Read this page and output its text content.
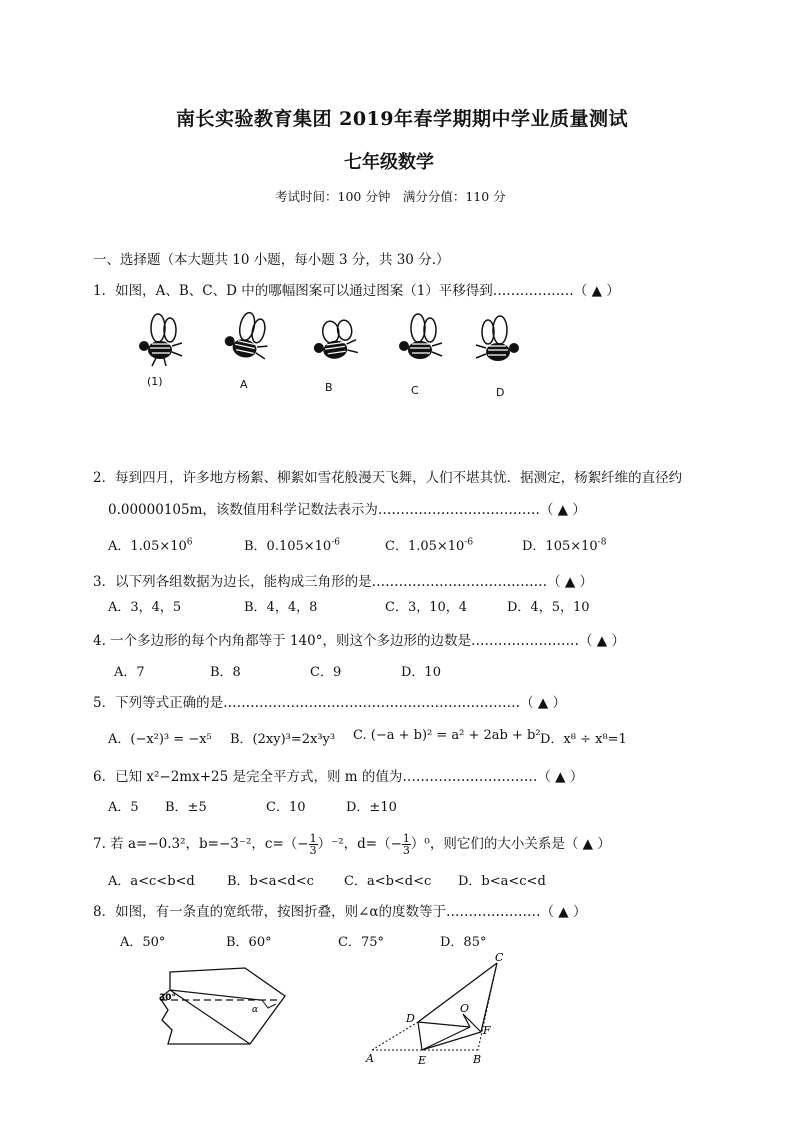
南长实验教育集团 2019年春学期期中学业质量测试
七年级数学
考试时间：100 分钟　满分分值：110 分
一、选择题（本大题共 10 小题，每小题 3 分，共 30 分.）
1．如图，A、B、C、D 中的哪幅图案可以通过图案（1）平移得到………………（ ▲ ）
(1)	A	B	C	D
2．每到四月，许多地方杨絮、柳絮如雪花般漫天飞舞，人们不堪其忧．据测定，杨絮纤维的直径约
0.00000105m，该数值用科学记数法表示为………………………………（ ▲ ）
A．$1.05\times 10^6$	B．$0.105\times 10^{-6}$	C．$1.05\times 10^{-6}$	D．$105\times 10^{-8}$
3．以下列各组数据为边长，能构成三角形的是…………………………………（ ▲ ）
A．3，4，5	B．4，4，8	C．3，10，4	D．4，5，10
4. 一个多边形的每个内角都等于 140°，则这个多边形的边数是……………………（ ▲ ）
A．7	B．8	C．9	D．10
5．下列等式正确的是…………………………………………………………（ ▲ ）
A．(−x²)³ = −x⁵ B．(2xy)³=2x³y³ C. (−a + b)² = a² + 2ab + b² D．x⁸ ÷ x⁸=1
6．已知 x²−2mx+25 是完全平方式，则 m 的值为…………………………（ ▲ ）
A．5 B．±5	C．10	D．±10
7. 若 a=−0.3²，b=−3⁻²，$c=(- \frac{1}{3} )^{-2}$，$d=(- \frac{1}{3} )^0$，则它们的大小关系是（ ▲ ）
A．a<c<b<d B．b<a<d<c C．a<b<d<c D．b<a<c<d
8．如图，有一条直的宽纸带，按图折叠，则∠α的度数等于…………………（ ▲ ）
A．50°	B．60°	C．75°	D．85°
30°
α
C
D
O
F
A	E	B
